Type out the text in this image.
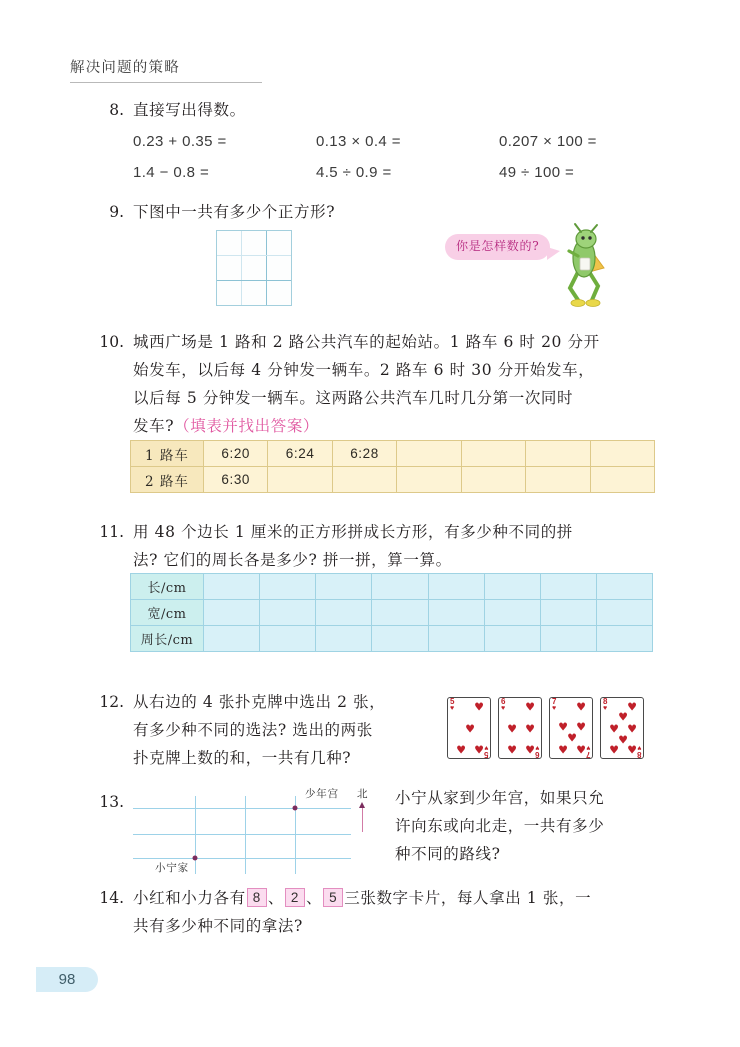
解决问题的策略
8. 直接写出得数。
0.23 + 0.35 =	0.13 × 0.4 =	0.207 × 100 =
1.4 − 0.8 =	4.5 ÷ 0.9 =	49 ÷ 100 =
9. 下图中一共有多少个正方形?
你是怎样数的?
10. 城西广场是 1 路和 2 路公共汽车的起始站。1 路车 6 时 20 分开
始发车，以后每 4 分钟发一辆车。2 路车 6 时 30 分开始发车，
以后每 5 分钟发一辆车。这两路公共汽车几时几分第一次同时
发车?（填表并找出答案）
1 路车	6:20	6:24	6:28				
2 路车	6:30						
11. 用 48 个边长 1 厘米的正方形拼成长方形，有多少种不同的拼
法? 它们的周长各是多少? 拼一拼，算一算。
长/cm								
宽/cm								
周长/cm								
12. 从右边的 4 张扑克牌中选出 2 张，
有多少种不同的选法? 选出的两张
扑克牌上数的和，一共有几种?
5
♥
5
♥
♥
♥
♥ ♥
6
♥
6
♥
♥
♥ ♥
♥ ♥
7
♥
7
♥
♥
♥ ♥
♥
♥ ♥
8
♥
8
♥
♥
♥
♥ ♥
♥
♥ ♥
13.
小宁家
少年宫 北 小宁从家到少年宫，如果只允
许向东或向北走，一共有多少
种不同的路线?
14. 小红和小力各有 8 、 2 、 5 三张数字卡片，每人拿出 1 张，一
共有多少种不同的拿法?
98
